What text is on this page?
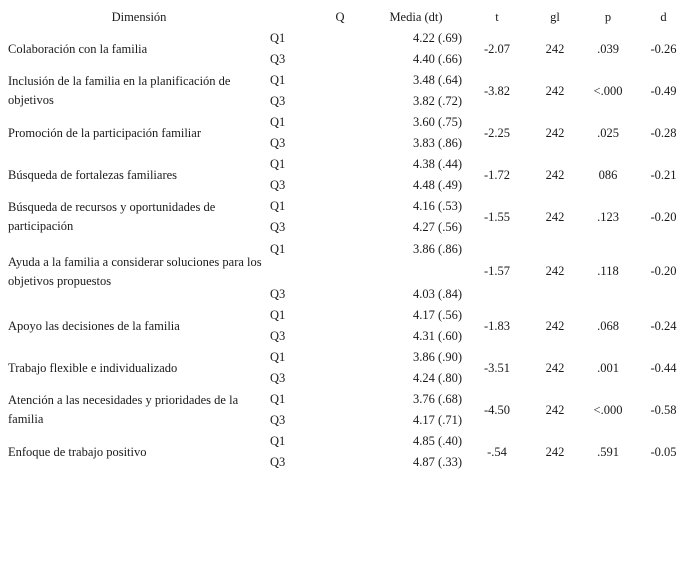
Dimensión		Q	Media (dt)	t	gl	p	d
Colaboración con la familia	Q1		4.22 (.69)	-2.07	242	.039	-0.26
	Q3		4.40 (.66)				
Inclusión de la familia en la planificación de objetivos	Q1		3.48 (.64)	-3.82	242	<.000	-0.49
	Q3		3.82 (.72)				
Promoción de la participación familiar	Q1		3.60 (.75)	-2.25	242	.025	-0.28
	Q3		3.83 (.86)				
Búsqueda de fortalezas familiares	Q1		4.38 (.44)	-1.72	242	086	-0.21
	Q3		4.48 (.49)				
Búsqueda de recursos y oportunidades de participación	Q1		4.16 (.53)	-1.55	242	.123	-0.20
	Q3		4.27 (.56)				
Ayuda a la familia a considerar soluciones para los objetivos propuestos	Q1		3.86 (.86)	-1.57	242	.118	-0.20
	Q3		4.03 (.84)				
Apoyo las decisiones de la familia	Q1		4.17 (.56)	-1.83	242	.068	-0.24
	Q3		4.31 (.60)				
Trabajo flexible e individualizado	Q1		3.86 (.90)	-3.51	242	.001	-0.44
	Q3		4.24 (.80)				
Atención a las necesidades y prioridades de la familia	Q1		3.76 (.68)	-4.50	242	<.000	-0.58
	Q3		4.17 (.71)				
Enfoque de trabajo positivo	Q1		4.85 (.40)	-.54	242	.591	-0.05
	Q3		4.87 (.33)				
